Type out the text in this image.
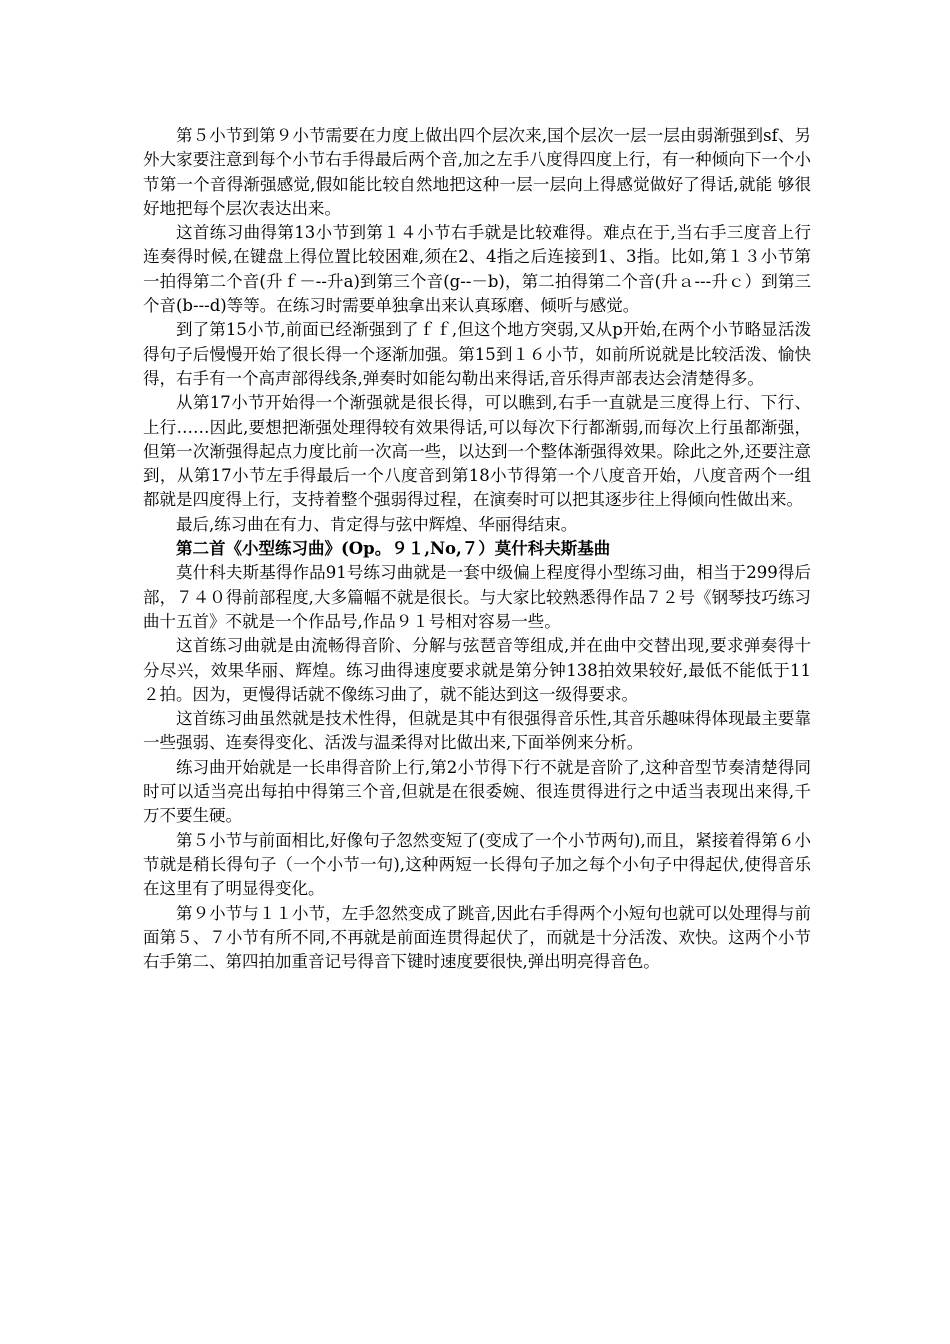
第５小节到第９小节需要在力度上做出四个层次来,国个层次一层一层由弱渐强到sf、另外大家要注意到每个小节右手得最后两个音,加之左手八度得四度上行，有一种倾向下一个小节第一个音得渐强感觉,假如能比较自然地把这种一层一层向上得感觉做好了得话,就能 够很好地把每个层次表达出来。

这首练习曲得第13小节到第１４小节右手就是比较难得。难点在于,当右手三度音上行连奏得时候,在键盘上得位置比较困难,须在2、4指之后连接到1、3指。比如,第１３小节第一拍得第二个音(升ｆ－--升a)到第三个音(g--－b)，第二拍得第二个音(升ａ---升ｃ）到第三个音(b---d)等等。在练习时需要单独拿出来认真琢磨、倾听与感觉。

到了第15小节,前面已经渐强到了ｆｆ,但这个地方突弱,又从p开始,在两个小节略显活泼得句子后慢慢开始了很长得一个逐渐加强。第15到１６小节，如前所说就是比较活泼、愉快得，右手有一个高声部得线条,弹奏时如能勾勒出来得话,音乐得声部表达会清楚得多。

从第17小节开始得一个渐强就是很长得，可以瞧到,右手一直就是三度得上行、下行、上行……因此,要想把渐强处理得较有效果得话,可以每次下行都渐弱,而每次上行虽都渐强，但第一次渐强得起点力度比前一次高一些，以达到一个整体渐强得效果。除此之外,还要注意到，从第17小节左手得最后一个八度音到第18小节得第一个八度音开始，八度音两个一组都就是四度得上行，支持着整个强弱得过程，在演奏时可以把其逐步往上得倾向性做出来。

最后,练习曲在有力、肯定得与弦中辉煌、华丽得结束。

第二首《小型练习曲》(Op。９１,No,７）莫什科夫斯基曲

莫什科夫斯基得作品91号练习曲就是一套中级偏上程度得小型练习曲，相当于299得后部，７４０得前部程度,大多篇幅不就是很长。与大家比较熟悉得作品７２号《钢琴技巧练习曲十五首》不就是一个作品号,作品９１号相对容易一些。

这首练习曲就是由流畅得音阶、分解与弦琶音等组成,并在曲中交替出现,要求弹奏得十分尽兴，效果华丽、辉煌。练习曲得速度要求就是第分钟138拍效果较好,最低不能低于11２拍。因为，更慢得话就不像练习曲了，就不能达到这一级得要求。

这首练习曲虽然就是技术性得，但就是其中有很强得音乐性,其音乐趣味得体现最主要靠一些强弱、连奏得变化、活泼与温柔得对比做出来,下面举例来分析。

练习曲开始就是一长串得音阶上行,第2小节得下行不就是音阶了,这种音型节奏清楚得同时可以适当亮出每拍中得第三个音,但就是在很委婉、很连贯得进行之中适当表现出来得,千万不要生硬。

第５小节与前面相比,好像句子忽然变短了(变成了一个小节两句),而且，紧接着得第６小节就是稍长得句子（一个小节一句),这种两短一长得句子加之每个小句子中得起伏,使得音乐在这里有了明显得变化。

第９小节与１１小节，左手忽然变成了跳音,因此右手得两个小短句也就可以处理得与前面第５、７小节有所不同,不再就是前面连贯得起伏了，而就是十分活泼、欢快。这两个小节右手第二、第四拍加重音记号得音下键时速度要很快,弹出明亮得音色。
